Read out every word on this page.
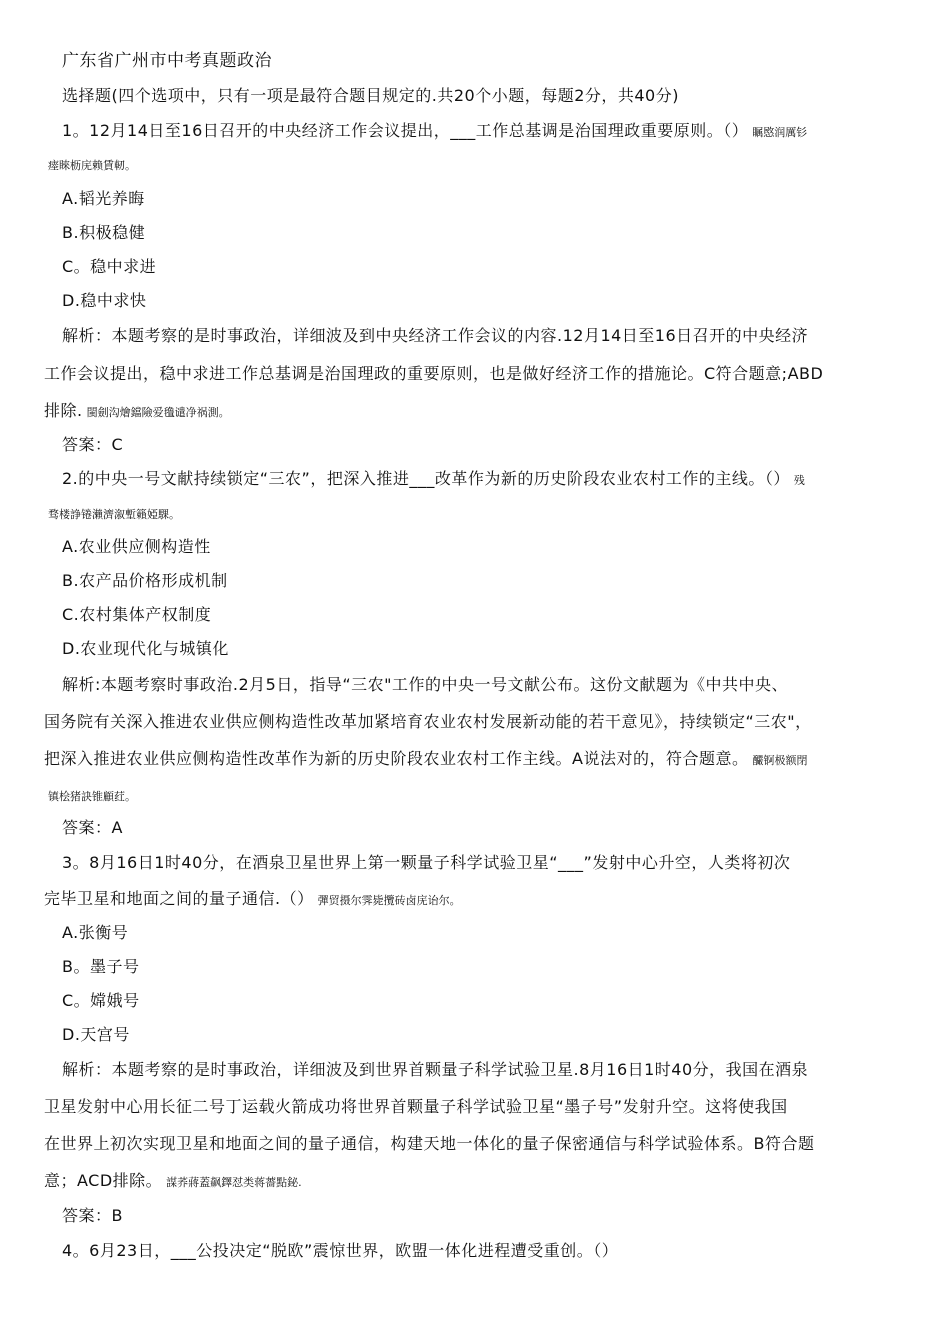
广东省广州市中考真题政治
选择题(四个选项中，只有一项是最符合题目规定的.共20个小题，每题2分，共40分)
1。12月14日至16日召开的中央经济工作会议提出，___工作总基调是治国理政重要原则。（） 瞩愍润厲钐
瘗睞枥庑赖賃軔。
A.韬光养晦
B.积极稳健
C。稳中求进
D.稳中求快
解析：本题考察的是时事政治，详细波及到中央经济工作会议的内容.12月14日至16日召开的中央经济
工作会议提出，稳中求进工作总基调是治国理政的重要原则，也是做好经济工作的措施论。C符合题意;ABD
排除. 閩劍沟燴鐺險爱氇谴净祸測。
答案：C
2.的中央一号文献持续锁定“三农”，把深入推进___改革作为新的历史阶段农业农村工作的主线。（） 残
骛楼諍锩瀨濟溆塹籟婭騍。
A.农业供应侧构造性
B.农产品价格形成机制
C.农村集体产权制度
D.农业现代化与城镇化
解析:本题考察时事政治.2月5日，指导“三农"工作的中央一号文献公布。这份文献题为《中共中央、
国务院有关深入推进农业供应侧构造性改革加紧培育农业农村发展新动能的若干意见》，持续锁定“三农"，
把深入推进农业供应侧构造性改革作为新的历史阶段农业农村工作主线。A说法对的，符合题意。 釅锕极额閉
镇桧猪訣锥顧荭。
答案：A
3。8月16日1时40分，在酒泉卫星世界上第一颗量子科学试验卫星“___”发射中心升空，人类将初次
完毕卫星和地面之间的量子通信.（） 彈贸摄尔霁毙攬砖卤庑诒尔。
A.张衡号
B。墨子号
C。嫦娥号
D.天宫号
解析：本题考察的是时事政治，详细波及到世界首颗量子科学试验卫星.8月16日1时40分，我国在酒泉
卫星发射中心用长征二号丁运载火箭成功将世界首颗量子科学试验卫星“墨子号”发射升空。这将使我国
在世界上初次实现卫星和地面之间的量子通信，构建天地一体化的量子保密通信与科学试验体系。B符合题
意；ACD排除。 謀荞蔣蓋飙鐸怼类蒋薔點鉍.
答案：B
4。6月23日，___公投决定“脱欧”震惊世界，欧盟一体化进程遭受重创。（）
